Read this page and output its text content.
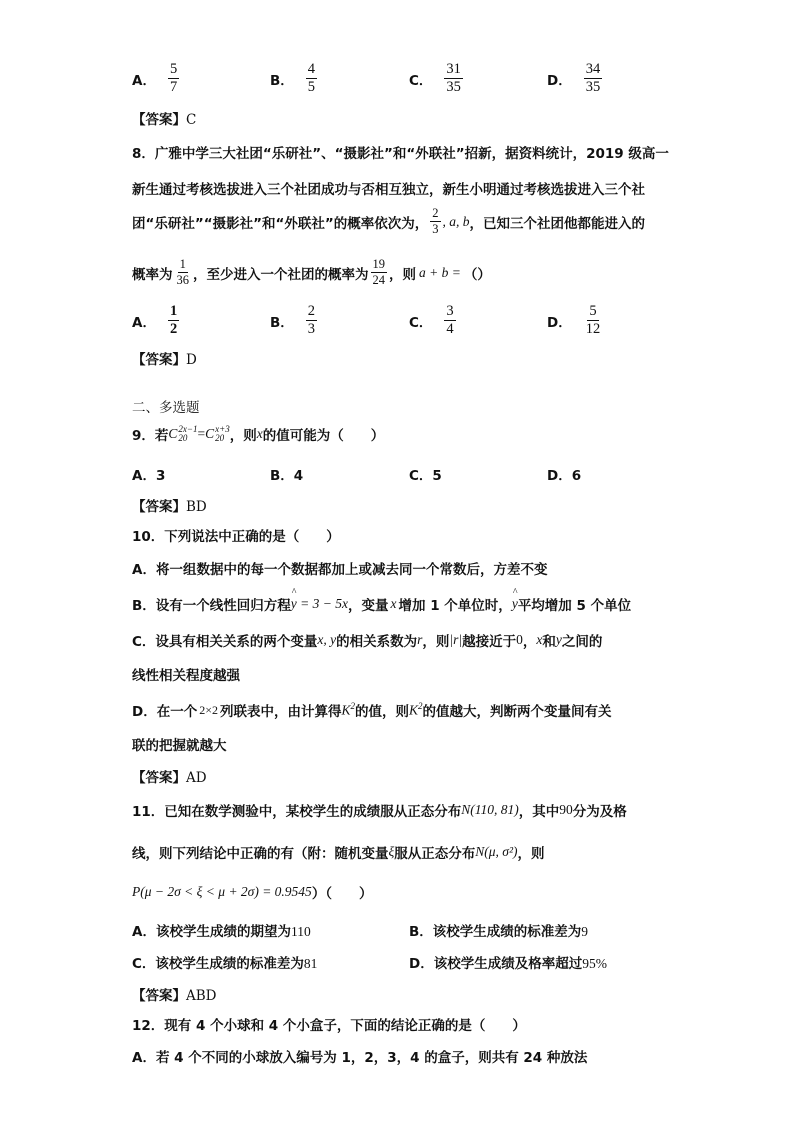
A． $\frac{5}{7}$	B． $\frac{4}{5}$	C． $\frac{31}{35}$	D． $\frac{34}{35}$
【答案】C
8．广雅中学三大社团“乐研社”、“摄影社”和“外联社”招新，据资料统计，2019 级高一
新生通过考核选拔进入三个社团成功与否相互独立，新生小明通过考核选拔进入三个社
团“乐研社”“摄影社”和“外联社”的概率依次为， $\frac{2}{3}$ , a, b ，已知三个社团他都能进入的
概率为 $\frac{1}{36}$ ，至少进入一个社团的概率为 $\frac{19}{24}$ ，则 a + b = （）
A． $\frac{1}{2}$	B． $\frac{2}{3}$	C． $\frac{3}{4}$	D． $\frac{5}{12}$
【答案】D
二、多选题
9．若 C 2x−1
20 = C x+3
20 ，则 x 的值可能为（　　）
A．3	B．4	C．5	D．6
【答案】BD
10．下列说法中正确的是（　　）
A．将一组数据中的每一个数据都加上或减去同一个常数后，方差不变
B．设有一个线性回归方程 ^ y = 3 − 5x ，变量 x 增加 1 个单位时， ^ y 平均增加 5 个单位
C．设具有相关关系的两个变量 x, y 的相关系数为 r ，则 |r| 越接近于 0 ， x 和 y 之间的
线性相关程度越强
D．在一个 2×2 列联表中，由计算得 $K^2$ 的值，则 $K^2$ 的值越大，判断两个变量间有关
联的把握就越大
【答案】AD
11．已知在数学测验中，某校学生的成绩服从正态分布 N(110, 81) ，其中 90 分为及格
线，则下列结论中正确的有（附：随机变量 ξ 服从正态分布 N(μ, σ²) ，则
P(μ − 2σ < ξ < μ + 2σ) = 0.9545 ）（　　）
A．该校学生成绩的期望为110	B．该校学生成绩的标准差为9
C．该校学生成绩的标准差为81	D．该校学生成绩及格率超过95%
【答案】ABD
12．现有 4 个小球和 4 个小盒子，下面的结论正确的是（　　）
A．若 4 个不同的小球放入编号为 1，2，3，4 的盒子，则共有 24 种放法
